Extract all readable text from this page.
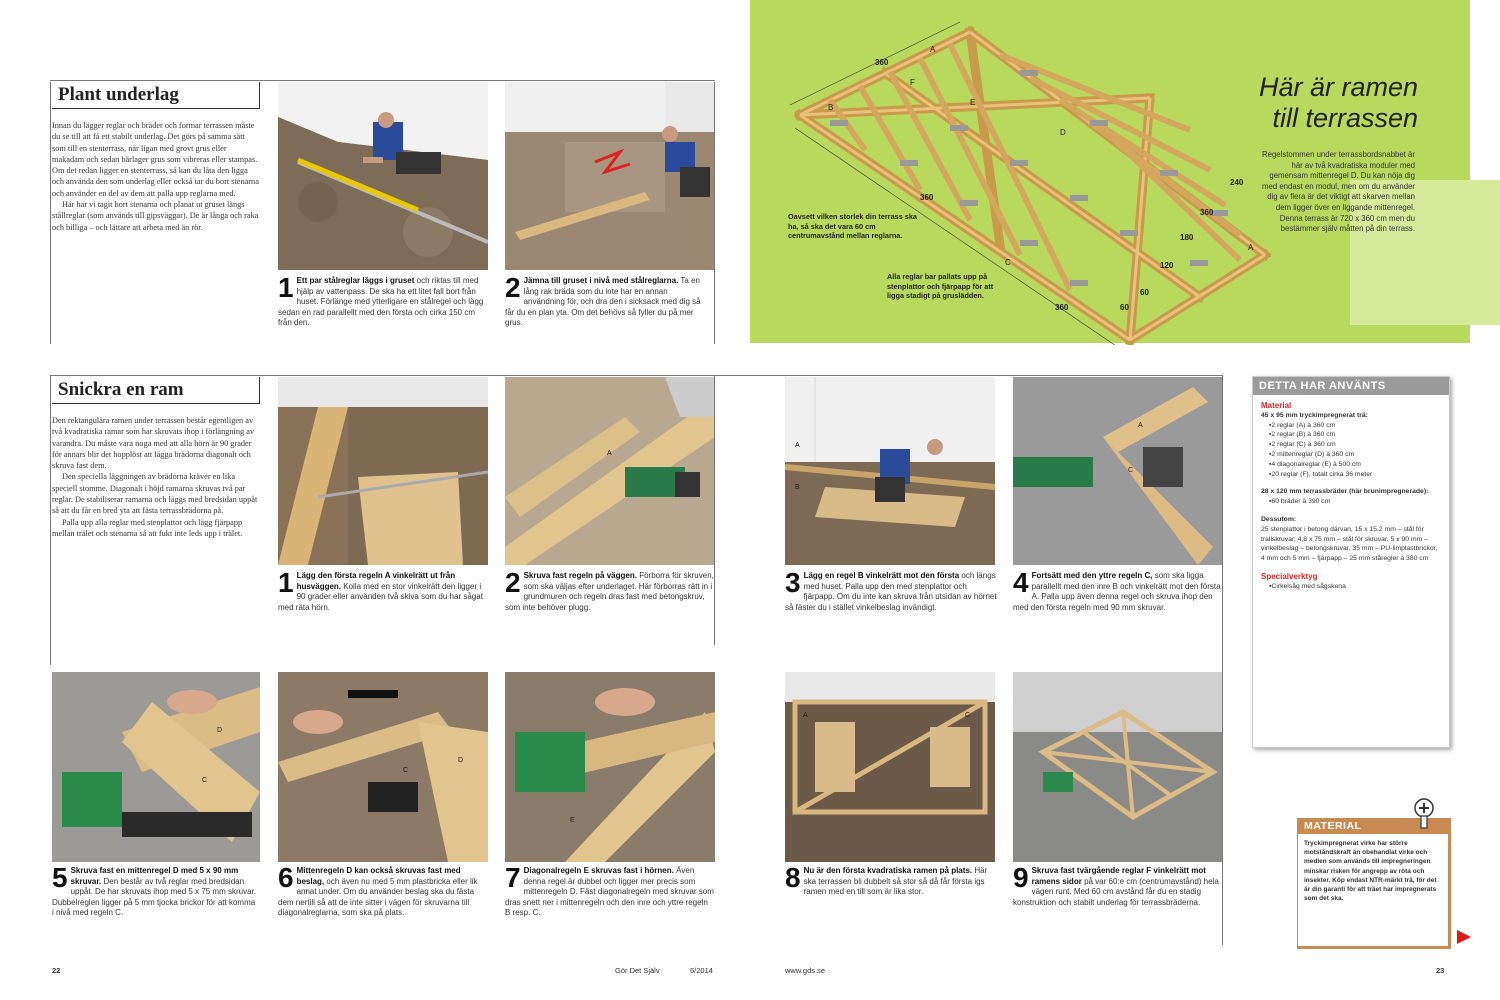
Plant underlag

Innan du lägger reglar och bräder och formar terrassen måste du se till att få ett stabilt underlag. Det görs på samma sätt som till en stenterrass, när ligan med grovt grus eller makadam och sedan bärlager grus som vibreras eller stampas. Om det redan ligger en stenterrass, så kan du låta den ligga och använda den som underlag eller också tar du bort stenarna och använder en del av dem att palla upp reglarna med.

Här har vi tagit bort stenarna och planat ut gruset längs stållreglar (som används till gipsväggar). De är långa och raka och billiga – och lättare att arbeta med än rör.

1 Ett par stålreglar läggs i gruset och riktas till med hjälp av vattenpass. De ska ha ett litet fall bort från huset. Förlänge med ytterligare en stålregel och lägg sedan en rad parallellt med den första och cirka 150 cm från den.
2 Jämna till gruset i nivå med stålreglarna. Ta en lång rak bräda som du inte har en annan användning för, och dra den i sicksack med dig så får du en plan yta. Om det behövs så fyller du på mer grus.
360
360
360
240
360
180
120
60
60
A
B
C
D
E
F
A
Här är ramen
till terrassen
Regelstommen under terrassbordsnabbet är här av två kvadratiska moduler med gemensam mittenregel D. Du kan nöja dig med endast en modul, men om du använder dig av flera är det viktigt att skarven mellan dem ligger över en liggande mittenregel. Denna terrass är 720 x 360 cm men du bestämmer själv måtten på din terrass.
Oavsett vilken storlek din terrass ska ha, så ska det vara 60 cm centrumavstånd mellan reglarna.
Alla reglar bar pallats upp på stenplattor och fjärpapp för att ligga stadigt på gruslädden.
Snickra en ram

Den rektangulära ramen under terrassen består egentligen av två kvadratiska ramar som har skruvats ihop i förlängning av varandra. Du måste vara noga med att alla hörn är 90 grader för annars blir det hopplöst att lägga brädorna diagonalt och skruva fast dem.

Den speciella läggningen av brädorna kräver en lika speciell stomme. Diagonalt i höjd ramarna skruvas två par reglar. De stabiliserar ramarna och läggs med bredsidan uppåt så att du får en bred yta att fästa terrassbrädorna på.

Palla upp alla reglar med stenplattor och lägg fjärpapp mellan trälet och stenarna så att fukt inte leds upp i trälet.

A
A
B
A
C
1 Lägg den första regeln A vinkelrätt ut från husväggen. Kolla med en stor vinkelrätt den ligger i 90 grader eller använden två skiva som du har sågat med räta hörn.
2 Skruva fast regeln på väggen. Förborra för skruven, som ska väljas efter underlaget. Här förborras rätt in i grundmuren och regeln dras fast med betongskruv, som inte behöver plugg.
3 Lägg en regel B vinkelrätt mot den första och längs med huset. Palla upp den med stenplattor och fjärpapp. Om du inte kan skruva från utsidan av hörnet så fäster du i stället vinkelbeslag invändigt.
4 Fortsätt med den yttre regeln C, som ska ligga parallellt med den inre B och vinkelrätt mot den första A. Palla upp även denna regel och skruva ihop den med den första regeln med 90 mm skruvar.
D
C
C
D
E
A	C
5 Skruva fast en mittenregel D med 5 x 90 mm skruvar. Den består av två reglar med bredsidan uppåt. De har skruvats ihop med 5 x 75 mm skruvar. Dubbelreglen ligger på 5 mm tjocka brickor för att komma i nivå med regeln C.
6 Mittenregeln D kan också skruvas fast med beslag, och även nu med 5 mm plastbricka eller lik annat under. Om du använder beslag ska du fästa dem nertill så att de inte sitter i vägen för skruvarna till diagonalreglarna, som ska på plats.
7 Diagonalregeln E skruvas fast i hörnen. Även denna regel är dubbel och ligger mer precis som mittenregeln D. Fäst diagonalregeln med skruvar som dras snett ner i mittenregeln och den inre och yttre regeln B resp. C.
8 Nu är den första kvadratiska ramen på plats. Här ska terrassen bli dubbelt så stor så då får första igs ramen med en till som är lika stor.	9 Skruva fast tvärgående reglar F vinkelrätt mot ramens sidor på var 60:e cm (centrumavstånd) hela vägen runt. Med 60 cm avstånd får du en stadig konstruktion och stabilt underlag för terrassbräderna.
DETTA HAR ANVÄNTS
Material
45 x 95 mm tryckimpregnerat trä:
▪ 2 reglar (A) à 360 cm
▪ 2 reglar (B) à 360 cm
▪ 2 reglar (C) à 360 cm
▪ 2 mittenreglar (D) à 360 cm
▪ 4 diagonalreglar (E) à 500 cm
▪ 20 reglar (F), totalt cirka 36 meter
28 x 120 mm terrassbräder (här brunimpregnerade):
▪ 60 bräder à 390 cm
Dessutom:
25 stenplattor i betong därvan, 15 x 15.2 mm – stål för trallskruvar, 4,8 x 75 mm – stål för skruvar, 5 x 90 mm – vinkelbeslag – betongskruvar, 35 mm – PU-limplastbrickor, 4 mm och 5 mm – fjärpapp – 25 mm ståregler à 380 cm
Specialverktyg
▪ Cirkelsåg med sågskena
MATERIAL
Tryckimpregnerat virke har större motståndskraft än obehandlat virke och medlen som används till impregneringen minskar risken för angrepp av röta och insekter. Köp endast NTR-märkt trä, för det är din garanti för att träet har impregnerats som det ska.
22	Gör Det Själv	6/2014	www.gds.se	23
